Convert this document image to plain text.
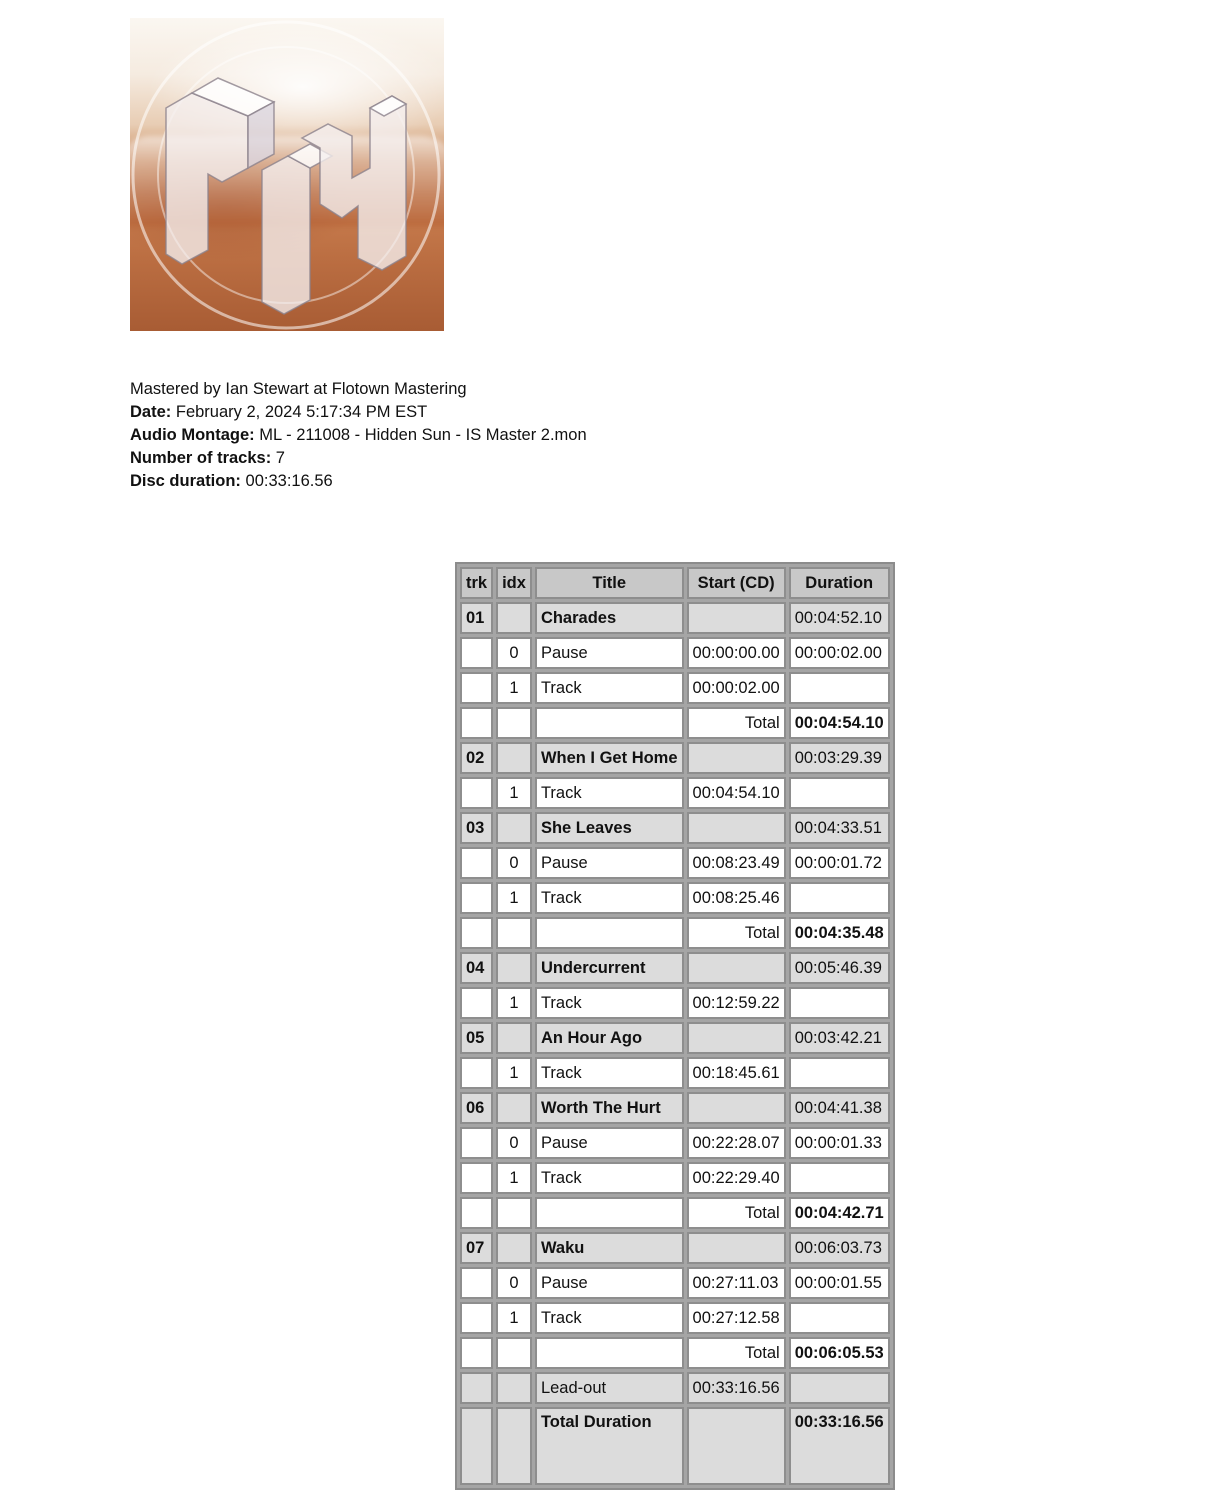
Mastered by Ian Stewart at Flotown Mastering
Date: February 2, 2024 5:17:34 PM EST
Audio Montage: ML - 211008 - Hidden Sun - IS Master 2.mon
Number of tracks: 7
Disc duration: 00:33:16.56
trk	idx	Title	Start (CD)	Duration
01		Charades		00:04:52.10
	0	Pause	00:00:00.00	00:00:02.00
	1	Track	00:00:02.00	
			Total	00:04:54.10
02		When I Get Home		00:03:29.39
	1	Track	00:04:54.10	
03		She Leaves		00:04:33.51
	0	Pause	00:08:23.49	00:00:01.72
	1	Track	00:08:25.46	
			Total	00:04:35.48
04		Undercurrent		00:05:46.39
	1	Track	00:12:59.22	
05		An Hour Ago		00:03:42.21
	1	Track	00:18:45.61	
06		Worth The Hurt		00:04:41.38
	0	Pause	00:22:28.07	00:00:01.33
	1	Track	00:22:29.40	
			Total	00:04:42.71
07		Waku		00:06:03.73
	0	Pause	00:27:11.03	00:00:01.55
	1	Track	00:27:12.58	
			Total	00:06:05.53
		Lead-out	00:33:16.56	
		Total Duration		00:33:16.56
